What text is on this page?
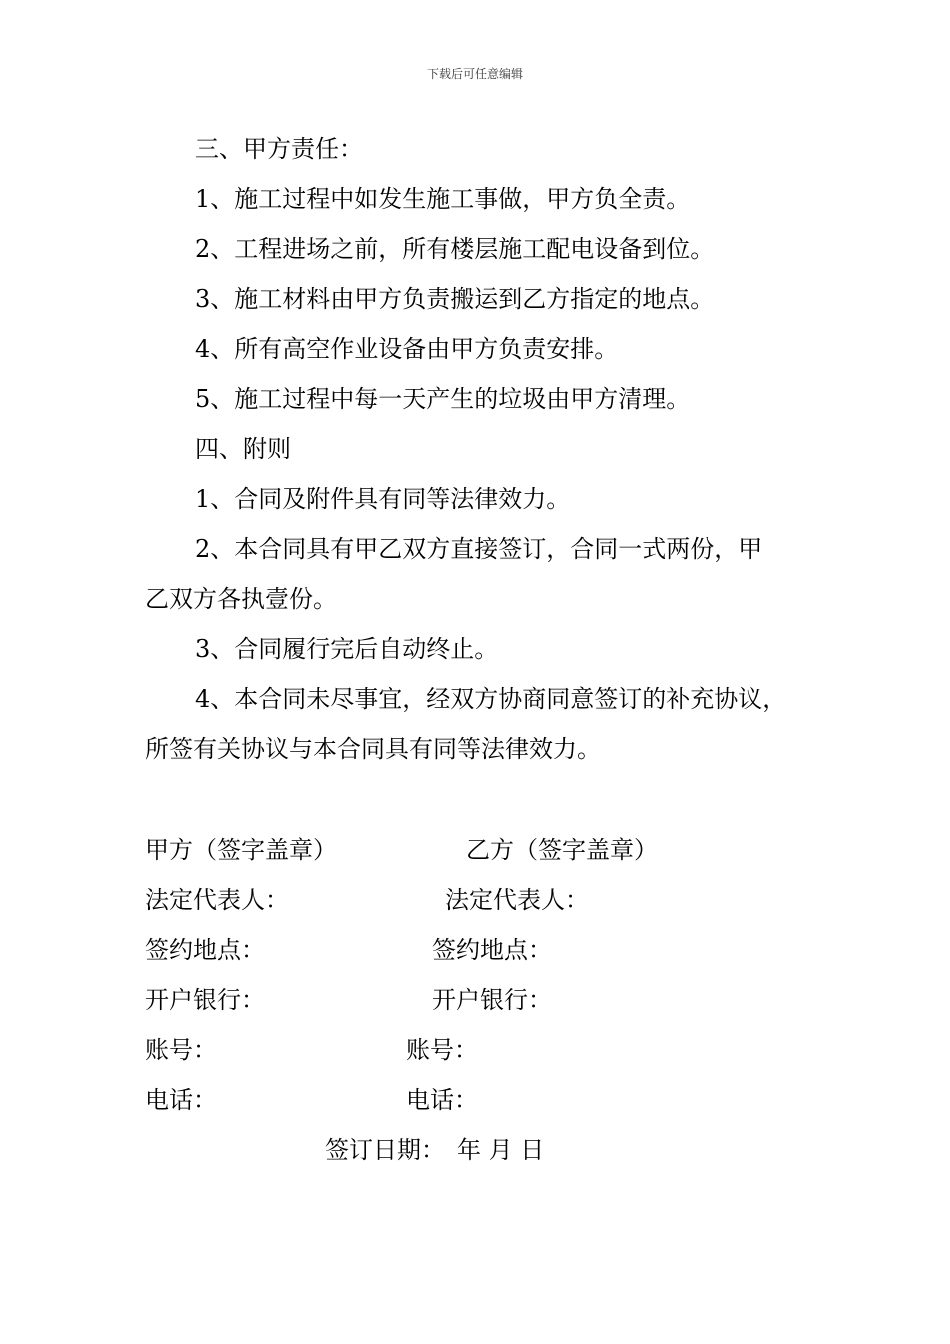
下载后可任意编辑

三、甲方责任：

1、施工过程中如发生施工事做，甲方负全责。

2、工程进场之前，所有楼层施工配电设备到位。

3、施工材料由甲方负责搬运到乙方指定的地点。

4、所有高空作业设备由甲方负责安排。

5、施工过程中每一天产生的垃圾由甲方清理。

四、附则

1、合同及附件具有同等法律效力。

2、本合同具有甲乙双方直接签订，合同一式两份，甲

乙双方各执壹份。

3、合同履行完后自动终止。

4、本合同未尽事宜，经双方协商同意签订的补充协议，

所签有关协议与本合同具有同等法律效力。

甲方（签字盖章）	乙方（签字盖章）
法定代表人：	法定代表人：
签约地点：	签约地点：
开户银行：	开户银行：
账号：	账号：
电话：	电话：
签订日期：　年 月 日
